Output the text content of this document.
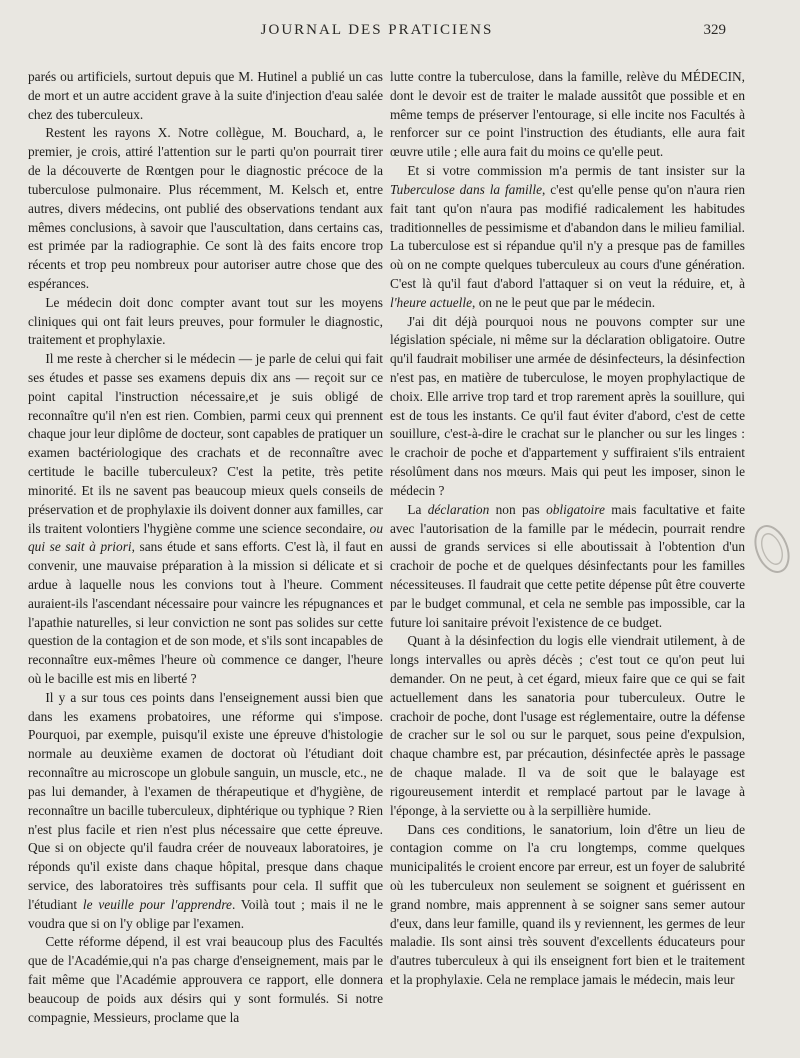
JOURNAL DES PRATICIENS	329

parés ou artificiels, surtout depuis que M. Hutinel a publié un cas de mort et un autre accident grave à la suite d'injection d'eau salée chez des tuberculeux.

Restent les rayons X. Notre collègue, M. Bouchard, a, le premier, je crois, attiré l'attention sur le parti qu'on pourrait tirer de la découverte de Rœntgen pour le diagnostic précoce de la tuberculose pulmonaire. Plus récemment, M. Kelsch et, entre autres, divers médecins, ont publié des observations tendant aux mêmes conclusions, à savoir que l'auscultation, dans certains cas, est primée par la radiographie. Ce sont là des faits encore trop récents et trop peu nombreux pour autoriser autre chose que des espérances.

Le médecin doit donc compter avant tout sur les moyens cliniques qui ont fait leurs preuves, pour formuler le diagnostic, traitement et prophylaxie.

Il me reste à chercher si le médecin — je parle de celui qui fait ses études et passe ses examens depuis dix ans — reçoit sur ce point capital l'instruction nécessaire,et je suis obligé de reconnaître qu'il n'en est rien. Combien, parmi ceux qui prennent chaque jour leur diplôme de docteur, sont capables de pratiquer un examen bactériologique des crachats et de reconnaître avec certitude le bacille tuberculeux? C'est la petite, très petite minorité. Et ils ne savent pas beaucoup mieux quels conseils de préservation et de prophylaxie ils doivent donner aux familles, car ils traitent volontiers l'hygiène comme une science secondaire, ou qui se sait à priori, sans étude et sans efforts. C'est là, il faut en convenir, une mauvaise préparation à la mission si délicate et si ardue à laquelle nous les convions tout à l'heure. Comment auraient-ils l'ascendant nécessaire pour vaincre les répugnances et l'apathie naturelles, si leur conviction ne sont pas solides sur cette question de la contagion et de son mode, et s'ils sont incapables de reconnaître eux-mêmes l'heure où commence ce danger, l'heure où le bacille est mis en liberté ?

Il y a sur tous ces points dans l'enseignement aussi bien que dans les examens probatoires, une réforme qui s'impose. Pourquoi, par exemple, puisqu'il existe une épreuve d'histologie normale au deuxième examen de doctorat où l'étudiant doit reconnaître au microscope un globule sanguin, un muscle, etc., ne pas lui demander, à l'examen de thérapeutique et d'hygiène, de reconnaître un bacille tuberculeux, diphtérique ou typhique ? Rien n'est plus facile et rien n'est plus nécessaire que cette épreuve. Que si on objecte qu'il faudra créer de nouveaux laboratoires, je réponds qu'il existe dans chaque hôpital, presque dans chaque service, des laboratoires très suffisants pour cela. Il suffit que l'étudiant le veuille pour l'apprendre. Voilà tout ; mais il ne le voudra que si on l'y oblige par l'examen.

Cette réforme dépend, il est vrai beaucoup plus des Facultés que de l'Académie,qui n'a pas charge d'enseignement, mais par le fait même que l'Académie approuvera ce rapport, elle donnera beaucoup de poids aux désirs qui y sont formulés. Si notre compagnie, Messieurs, proclame que la

lutte contre la tuberculose, dans la famille, relève du MÉDECIN, dont le devoir est de traiter le malade aussitôt que possible et en même temps de préserver l'entourage, si elle incite nos Facultés à renforcer sur ce point l'instruction des étudiants, elle aura fait œuvre utile ; elle aura fait du moins ce qu'elle peut.

Et si votre commission m'a permis de tant insister sur la Tuberculose dans la famille, c'est qu'elle pense qu'on n'aura rien fait tant qu'on n'aura pas modifié radicalement les habitudes traditionnelles de pessimisme et d'abandon dans le milieu familial. La tuberculose est si répandue qu'il n'y a presque pas de familles où on ne compte quelques tuberculeux au cours d'une génération. C'est là qu'il faut d'abord l'attaquer si on veut la réduire, et, à l'heure actuelle, on ne le peut que par le médecin.

J'ai dit déjà pourquoi nous ne pouvons compter sur une législation spéciale, ni même sur la déclaration obligatoire. Outre qu'il faudrait mobiliser une armée de désinfecteurs, la désinfection n'est pas, en matière de tuberculose, le moyen prophylactique de choix. Elle arrive trop tard et trop rarement après la souillure, qui est de tous les instants. Ce qu'il faut éviter d'abord, c'est de cette souillure, c'est-à-dire le crachat sur le plancher ou sur les linges : le crachoir de poche et d'appartement y suffiraient s'ils entraient résolûment dans nos mœurs. Mais qui peut les imposer, sinon le médecin ?

La déclaration non pas obligatoire mais facultative et faite avec l'autorisation de la famille par le médecin, pourrait rendre aussi de grands services si elle aboutissait à l'obtention d'un crachoir de poche et de quelques désinfectants pour les familles nécessiteuses. Il faudrait que cette petite dépense pût être couverte par le budget communal, et cela ne semble pas impossible, car la future loi sanitaire prévoit l'existence de ce budget.

Quant à la désinfection du logis elle viendrait utilement, à de longs intervalles ou après décès ; c'est tout ce qu'on peut lui demander. On ne peut, à cet égard, mieux faire que ce qui se fait actuellement dans les sanatoria pour tuberculeux. Outre le crachoir de poche, dont l'usage est réglementaire, outre la défense de cracher sur le sol ou sur le parquet, sous peine d'expulsion, chaque chambre est, par précaution, désinfectée après le passage de chaque malade. Il va de soit que le balayage est rigoureusement interdit et remplacé partout par le lavage à l'éponge, à la serviette ou à la serpillière humide.

Dans ces conditions, le sanatorium, loin d'être un lieu de contagion comme on l'a cru longtemps, comme quelques municipalités le croient encore par erreur, est un foyer de salubrité où les tuberculeux non seulement se soignent et guérissent en grand nombre, mais apprennent à se soigner sans semer autour d'eux, dans leur famille, quand ils y reviennent, les germes de leur maladie. Ils sont ainsi très souvent d'excellents éducateurs pour d'autres tuberculeux à qui ils enseignent fort bien et le traitement et la prophylaxie. Cela ne remplace jamais le médecin, mais leur
